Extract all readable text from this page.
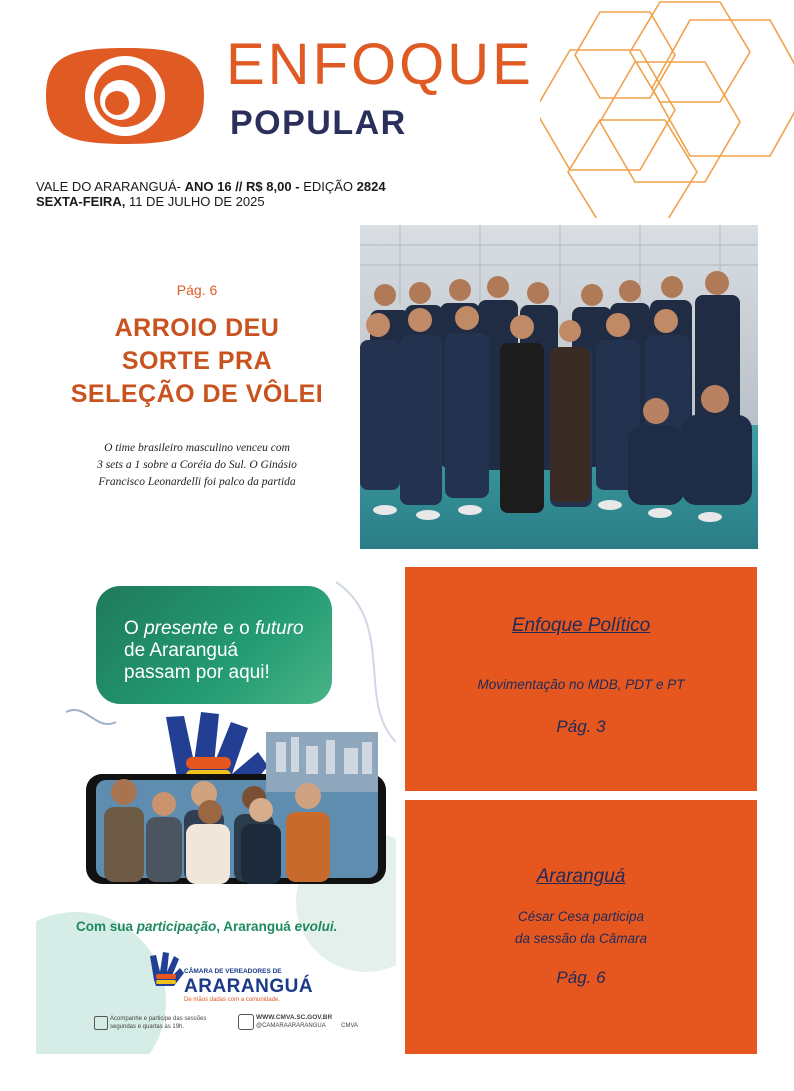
ENFOQUE
POPULAR
VALE DO ARARANGUÁ- ANO 16 // R$ 8,00 - EDIÇÃO 2824
SEXTA-FEIRA, 11 DE JULHO DE 2025
Pág. 6
ARROIO DEU
SORTE PRA
SELEÇÃO DE VÔLEI
O time brasileiro masculino venceu com
3 sets a 1 sobre a Coréia do Sul. O Ginásio
Francisco Leonardelli foi palco da partida
O presente e o futuro
de Araranguá
passam por aqui!
Com sua participação, Araranguá evolui.
CÂMARA DE VEREADORES DE
ARARANGUÁ
De mãos dadas com a comunidade.
Acompanhe e participe das sessões
segundas e quartas às 19h.
WWW.CMVA.SC.GOV.BR
@CAMARAARARANGUA	CMVA
Enfoque Político
Movimentação no MDB, PDT e PT
Pág. 3
Araranguá
César Cesa participa
da sessão da Câmara
Pág. 6
